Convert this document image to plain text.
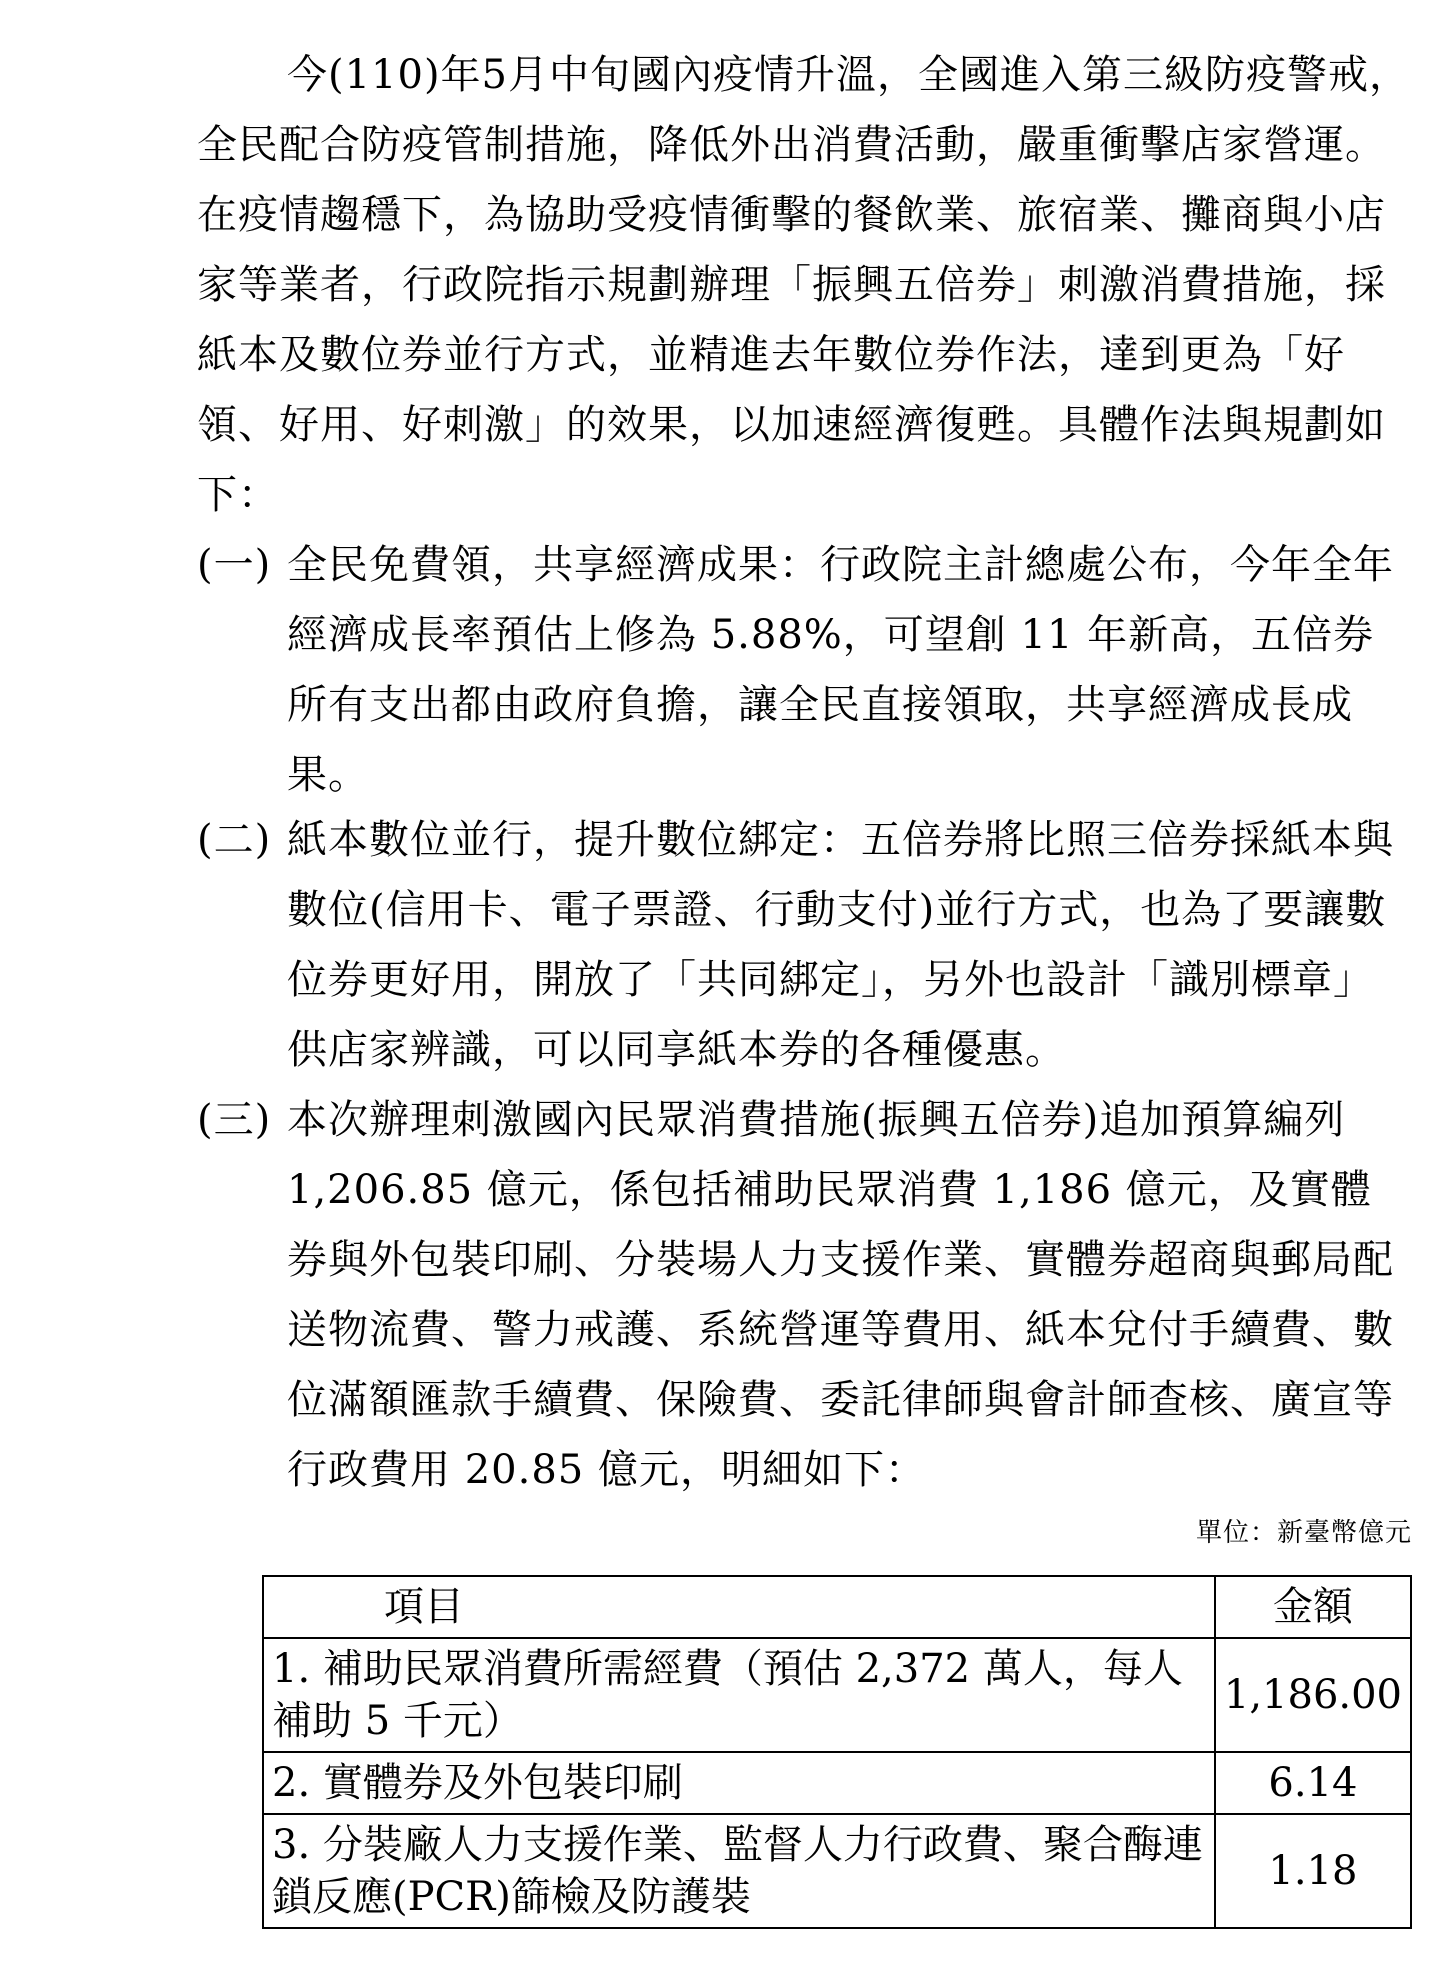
今(110)年5月中旬國內疫情升溫，全國進入第三級防疫警戒，全民配合防疫管制措施，降低外出消費活動，嚴重衝擊店家營運。在疫情趨穩下，為協助受疫情衝擊的餐飲業、旅宿業、攤商與小店家等業者，行政院指示規劃辦理「振興五倍券」刺激消費措施，採紙本及數位券並行方式，並精進去年數位券作法，達到更為「好領、好用、好刺激」的效果，以加速經濟復甦。具體作法與規劃如下：

(一) 全民免費領，共享經濟成果：行政院主計總處公布，今年全年經濟成長率預估上修為 5.88%，可望創 11 年新高，五倍券所有支出都由政府負擔，讓全民直接領取，共享經濟成長成果。
(二) 紙本數位並行，提升數位綁定：五倍券將比照三倍券採紙本與數位(信用卡、電子票證、行動支付)並行方式，也為了要讓數位券更好用，開放了「共同綁定」，另外也設計「識別標章」供店家辨識，可以同享紙本券的各種優惠。
(三) 本次辦理刺激國內民眾消費措施(振興五倍券)追加預算編列 1,206.85 億元，係包括補助民眾消費 1,186 億元，及實體券與外包裝印刷、分裝場人力支援作業、實體券超商與郵局配送物流費、警力戒護、系統營運等費用、紙本兌付手續費、數位滿額匯款手續費、保險費、委託律師與會計師查核、廣宣等行政費用 20.85 億元，明細如下：
單位：新臺幣億元
項目	金額
1. 補助民眾消費所需經費（預估 2,372 萬人，每人補助 5 千元）	1,186.00
2. 實體券及外包裝印刷	6.14
3. 分裝廠人力支援作業、監督人力行政費、聚合酶連鎖反應(PCR)篩檢及防護裝	1.18
